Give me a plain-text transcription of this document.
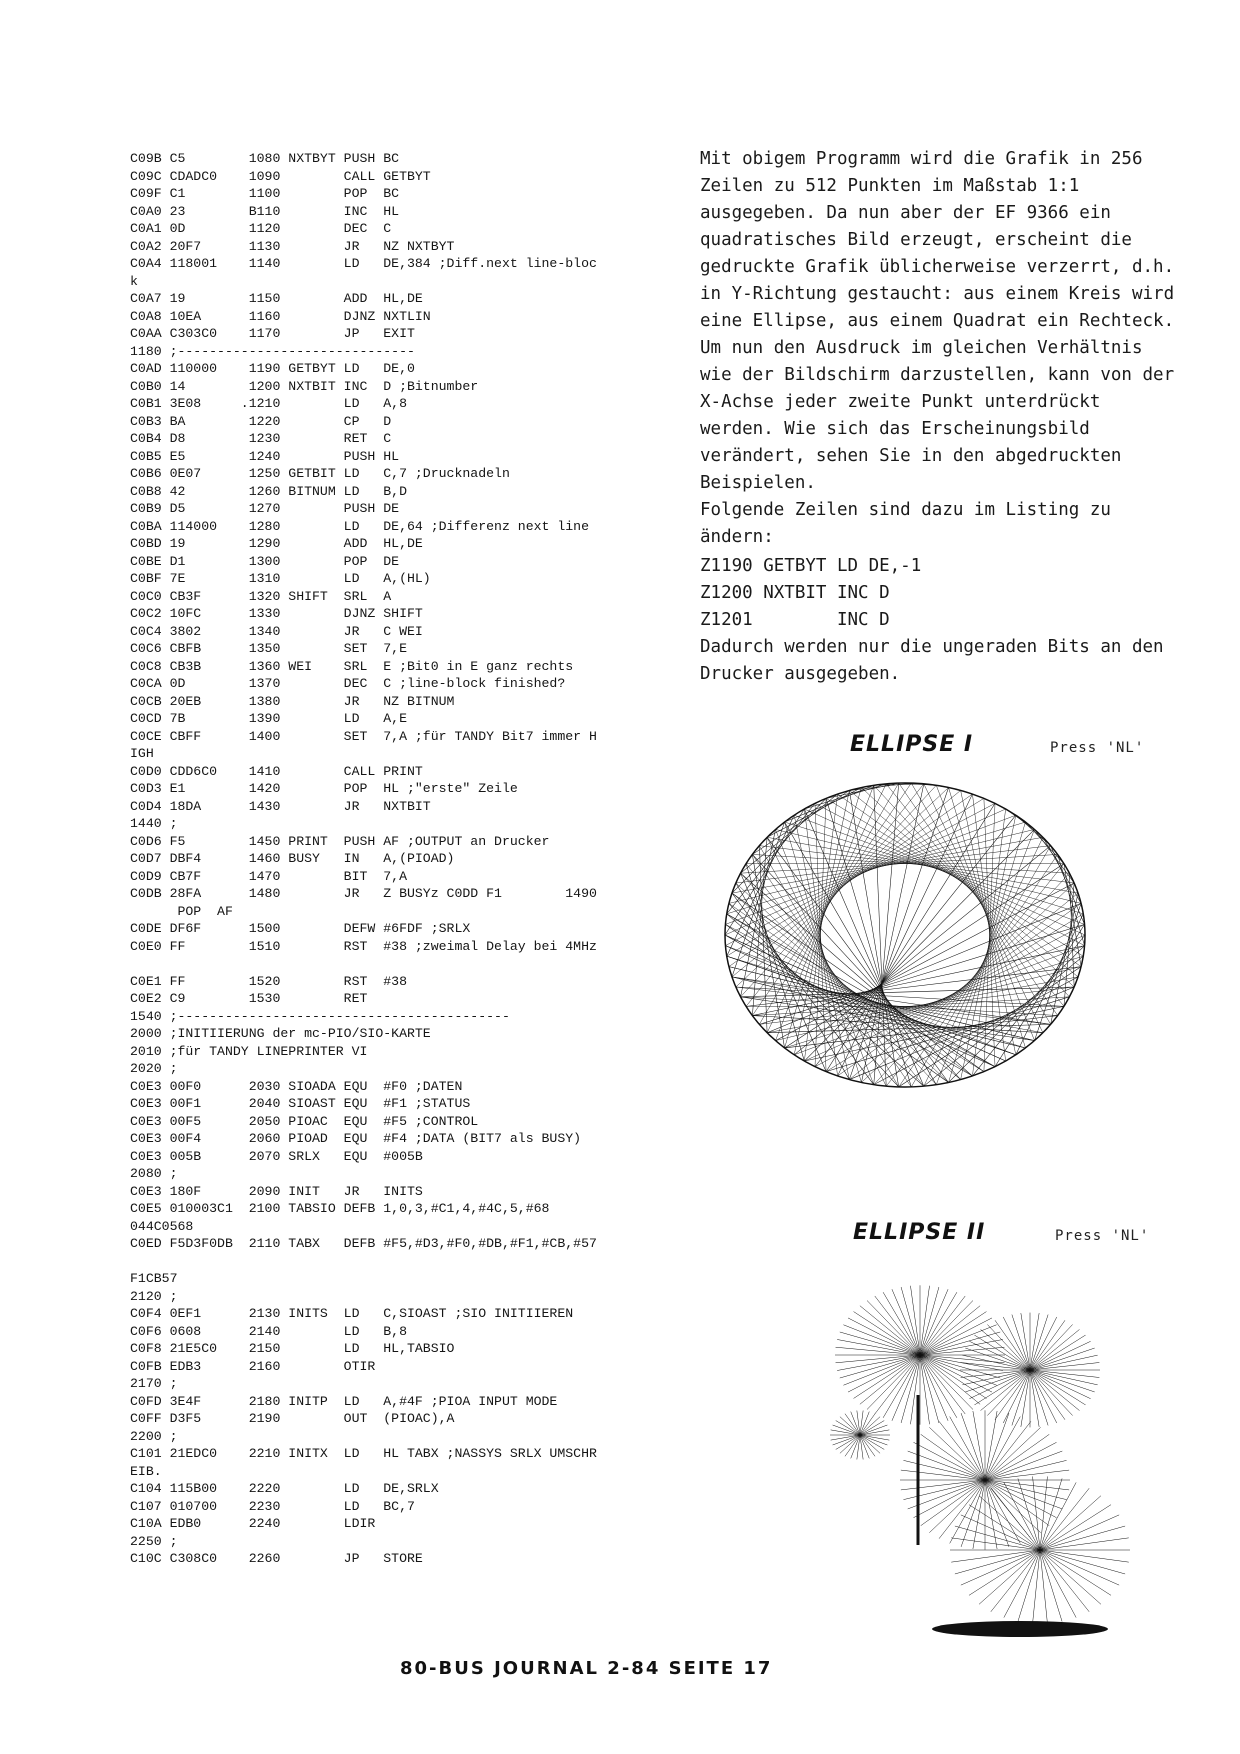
C09B C5        1080 NXTBYT PUSH BC
C09C CDADC0    1090        CALL GETBYT
C09F C1        1100        POP  BC
C0A0 23        B110        INC  HL
C0A1 0D        1120        DEC  C
C0A2 20F7      1130        JR   NZ NXTBYT
C0A4 118001    1140        LD   DE,384 ;Diff.next line-bloc
k
C0A7 19        1150        ADD  HL,DE
C0A8 10EA      1160        DJNZ NXTLIN
C0AA C303C0    1170        JP   EXIT
1180 ;------------------------------
C0AD 110000    1190 GETBYT LD   DE,0
C0B0 14        1200 NXTBIT INC  D ;Bitnumber
C0B1 3E08     .1210        LD   A,8
C0B3 BA        1220        CP   D
C0B4 D8        1230        RET  C
C0B5 E5        1240        PUSH HL
C0B6 0E07      1250 GETBIT LD   C,7 ;Drucknadeln
C0B8 42        1260 BITNUM LD   B,D
C0B9 D5        1270        PUSH DE
C0BA 114000    1280        LD   DE,64 ;Differenz next line
C0BD 19        1290        ADD  HL,DE
C0BE D1        1300        POP  DE
C0BF 7E        1310        LD   A,(HL)
C0C0 CB3F      1320 SHIFT  SRL  A
C0C2 10FC      1330        DJNZ SHIFT
C0C4 3802      1340        JR   C WEI
C0C6 CBFB      1350        SET  7,E
C0C8 CB3B      1360 WEI    SRL  E ;Bit0 in E ganz rechts
C0CA 0D        1370        DEC  C ;line-block finished?
C0CB 20EB      1380        JR   NZ BITNUM
C0CD 7B        1390        LD   A,E
C0CE CBFF      1400        SET  7,A ;für TANDY Bit7 immer H
IGH
C0D0 CDD6C0    1410        CALL PRINT
C0D3 E1        1420        POP  HL ;"erste" Zeile
C0D4 18DA      1430        JR   NXTBIT
1440 ;
C0D6 F5        1450 PRINT  PUSH AF ;OUTPUT an Drucker
C0D7 DBF4      1460 BUSY   IN   A,(PIOAD)
C0D9 CB7F      1470        BIT  7,A
C0DB 28FA      1480        JR   Z BUSYz C0DD F1        1490
POP  AF
C0DE DF6F      1500        DEFW #6FDF ;SRLX
C0E0 FF        1510        RST  #38 ;zweimal Delay bei 4MHz
C0E1 FF        1520        RST  #38
C0E2 C9        1530        RET
1540 ;------------------------------------------
2000 ;INITIIERUNG der mc-PIO/SIO-KARTE
2010 ;für TANDY LINEPRINTER VI
2020 ;
C0E3 00F0      2030 SIOADA EQU  #F0 ;DATEN
C0E3 00F1      2040 SIOAST EQU  #F1 ;STATUS
C0E3 00F5      2050 PIOAC  EQU  #F5 ;CONTROL
C0E3 00F4      2060 PIOAD  EQU  #F4 ;DATA (BIT7 als BUSY)
C0E3 005B      2070 SRLX   EQU  #005B
2080 ;
C0E3 180F      2090 INIT   JR   INITS
C0E5 010003C1  2100 TABSIO DEFB 1,0,3,#C1,4,#4C,5,#68
044C0568
C0ED F5D3F0DB  2110 TABX   DEFB #F5,#D3,#F0,#DB,#F1,#CB,#57
F1CB57
2120 ;
C0F4 0EF1      2130 INITS  LD   C,SIOAST ;SIO INITIIEREN
C0F6 0608      2140        LD   B,8
C0F8 21E5C0    2150        LD   HL,TABSIO
C0FB EDB3      2160        OTIR
2170 ;
C0FD 3E4F      2180 INITP  LD   A,#4F ;PIOA INPUT MODE
C0FF D3F5      2190        OUT  (PIOAC),A
2200 ;
C101 21EDC0    2210 INITX  LD   HL TABX ;NASSYS SRLX UMSCHR
EIB.
C104 115B00    2220        LD   DE,SRLX
C107 010700    2230        LD   BC,7
C10A EDB0      2240        LDIR
2250 ;
C10C C308C0    2260        JP   STORE

Mit obigem Programm wird die Grafik in 256 Zeilen zu 512 Punkten im Maßstab 1:1 ausgegeben. Da nun aber der EF 9366 ein quadratisches Bild erzeugt, erscheint die gedruckte Grafik üblicherweise verzerrt, d.h. in Y-Richtung gestaucht: aus einem Kreis wird eine Ellipse, aus einem Quadrat ein Rechteck.

Um nun den Ausdruck im gleichen Verhältnis wie der Bildschirm darzustellen, kann von der X-Achse jeder zweite Punkt unterdrückt werden. Wie sich das Erscheinungsbild verändert, sehen Sie in den abgedruckten Beispielen.

Folgende Zeilen sind dazu im Listing zu ändern:

Z1190 GETBYT LD DE,-1

Z1200 NXTBIT INC D

Z1201        INC D

Dadurch werden nur die ungeraden Bits an den Drucker ausgegeben.

ELLIPSE I	Press 'NL'
ELLIPSE II	Press 'NL'
80-BUS JOURNAL 2-84 SEITE 17
